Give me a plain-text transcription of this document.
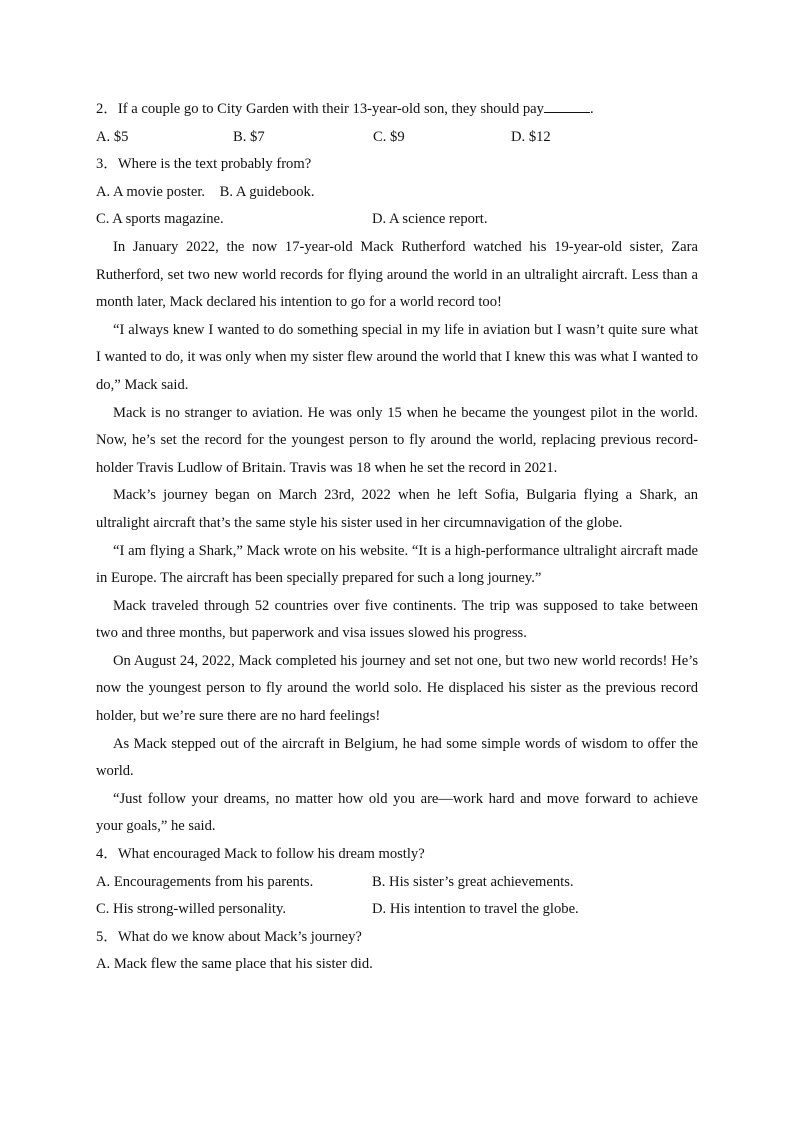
2．If a couple go to City Garden with their 13-year-old son, they should pay	.

A. $5	B. $7	C. $9	D. $12

3．Where is the text probably from?

A. A movie poster. B. A guidebook.

C. A sports magazine.	D. A science report.

In January 2022, the now 17-year-old Mack Rutherford watched his 19-year-old sister, Zara Rutherford, set two new world records for flying around the world in an ultralight aircraft. Less than a month later, Mack declared his intention to go for a world record too!

“I always knew I wanted to do something special in my life in aviation but I wasn’t quite sure what I wanted to do, it was only when my sister flew around the world that I knew this was what I wanted to do,” Mack said.

Mack is no stranger to aviation. He was only 15 when he became the youngest pilot in the world. Now, he’s set the record for the youngest person to fly around the world, replacing previous record-holder Travis Ludlow of Britain. Travis was 18 when he set the record in 2021.

Mack’s journey began on March 23rd, 2022 when he left Sofia, Bulgaria flying a Shark, an ultralight aircraft that’s the same style his sister used in her circumnavigation of the globe.

“I am flying a Shark,” Mack wrote on his website. “It is a high-performance ultralight aircraft made in Europe. The aircraft has been specially prepared for such a long journey.”

Mack traveled through 52 countries over five continents. The trip was supposed to take between two and three months, but paperwork and visa issues slowed his progress.

On August 24, 2022, Mack completed his journey and set not one, but two new world records! He’s now the youngest person to fly around the world solo. He displaced his sister as the previous record holder, but we’re sure there are no hard feelings!

As Mack stepped out of the aircraft in Belgium, he had some simple words of wisdom to offer the world.

“Just follow your dreams, no matter how old you are—work hard and move forward to achieve your goals,” he said.

4．What encouraged Mack to follow his dream mostly?

A. Encouragements from his parents.	B. His sister’s great achievements.
C. His strong-willed personality.	D. His intention to travel the globe.

5．What do we know about Mack’s journey?

A. Mack flew the same place that his sister did.
